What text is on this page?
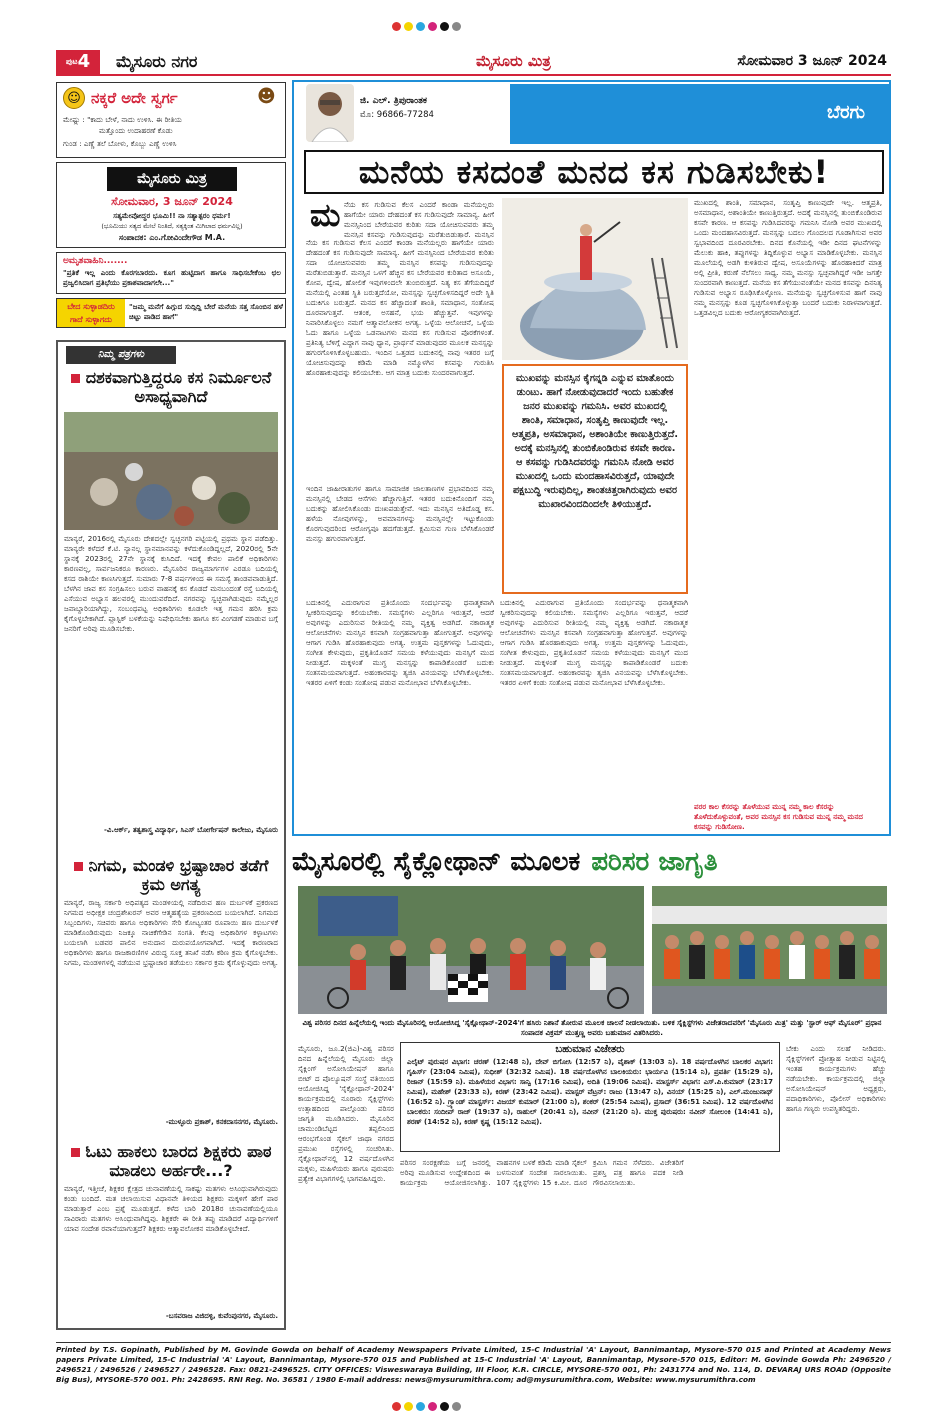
$^{ಪುಟ}$4	ಮೈಸೂರು ನಗರ	ಮೈಸೂರು ಮಿತ್ರ	ಸೋಮವಾರ 3 ಜೂನ್ 2024
☺ ನಕ್ಕರೆ ಅದೇ ಸ್ವರ್ಗ	☻
ಮೇಷ್ಟ್ರು : "ಕಾದು ಬೇಳೆ, ನಾದು ಉಳಿಸಿ. ಈ ರೀತಿಯ
ಮತ್ತೊಂದು ಉದಾಹರಣೆ ಕೊಡು
ಗುಂಡ : ಎಣ್ಣೆ ತಲೆ ಬೋಳು, ಕೊಬ್ಬು ಎಣ್ಣೆ ಉಳಿಸಿ
ಮೈಸೂರು ಮಿತ್ರ
ಸೋಮವಾರ, 3 ಜೂನ್ 2024
ಸತ್ಯಮೇವೋದ್ಧರ ಭೂಮಿ!! ನಾ ಸತ್ಯಾತ್ಪರಂ ಧರ್ಮ!
(ಭೂಮಿಯು ಸತ್ಯದ ಮೇಲೆ ನಿಂತಿದೆ, ಸತ್ಯಕ್ಕಿಂತ ಮಿಗಿಲಾದ ಧರ್ಮವಿಲ್ಲ)
ಸಂಪಾದಕ: ಎಂ.ಗೋವಿಂದೇಗೌಡ M.A.
ಅಮೃತವಾಹಿನಿ.......
"ಪ್ರತಿಕೆ ಇಲ್ಲ ಎಂದು ಕೊರಗಬಾರದು. ಕೂಗ ಹುಟ್ಟಿದಾಗ ಹಾಗೂ ಸಾಧಿಸಬೇಕೆಂಬ ಛಲ ಪ್ರಜ್ವಲಿಸಿದಾಗ ಪ್ರತಿಭೆಯು ಪ್ರಕಾಶವಾದಾಗಲೇ..."
ಬೇದ ಸುಳ್ಳಾಡದಿರು
ಗಾದೆ ಸುಳ್ಳಾಗದು
"ಜಮ್ಮ ಮನೆಗೆ ಹಿಗ್ಗುದ ಸುದ್ಗಿದ್ದಿ ಬೇರೆ ಮನೆಯ ಸತ್ತ ಸೊಂಬಿನ ಹಳೆ ಚಿಟ್ಟು ಪಾಡಿದ ಹಾಗೆ"
ನಿಮ್ಮ ಪತ್ರಗಳು
ದಶಕವಾಗುತ್ತಿದ್ದರೂ ಕಸ ನಿರ್ಮೂಲನೆ ಅಸಾಧ್ಯವಾಗಿದೆ
ಮಾನ್ಯರೆ, 2016ರಲ್ಲಿ ಮೈಸೂರು ದೇಶದಲ್ಲೇ ಸ್ವಚ್ಛನಗರಿ ಪಟ್ಟಿಯಲ್ಲಿ ಪ್ರಥಮ ಸ್ಥಾನ ಪಡೆದಿತ್ತು. ಮಾನ್ಯರೇ ಕಳೆದರೆ ಕೆ.ಟಿ. ನ್ಯಾನಲ್ಲ ಸ್ಥಾನಮಾನವನ್ನು ಕಳೆದುಕೊಂಡಿದ್ದಲ್ಲದೆ, 2020ರಲ್ಲಿ 5ನೇ ಸ್ಥಾನಕ್ಕೆ 2023ರಲ್ಲಿ 27ನೇ ಸ್ಥಾನಕ್ಕೆ ಕುಸಿದಿದೆ. ಇದಕ್ಕೆ ಕೇವಲ ಪಾಲಿಕೆ ಅಧಿಕಾರಿಗಳು ಕಾರಣವಲ್ಲ, ಸಾರ್ವಜನಿಕರೂ ಕಾರಣರು. ಮೈಸೂರಿನ ರಾಜ್ಯಮಾರ್ಗಗಳ ಎರಡೂ ಬದಿಯಲ್ಲಿ ಕಸದ ರಾಶಿಯೇ ಕಾಣಸಿಗುತ್ತದೆ. ಸುಮಾರು 7-8 ವರ್ಷಗಳಿಂದ ಈ ಸಮಸ್ಯೆ ತಾಂಡವವಾಡುತ್ತಿದೆ. ಬೆಳಗಿನ ಜಾವ ಕಸ ಸಂಗ್ರಹಿಸಲು ಬರುವ ವಾಹನಕ್ಕೆ ಕಸ ಕೊಡದೆ ಮನಬಂದಂತೆ ರಸ್ತೆ ಬದಿಯಲ್ಲಿ ಎಸೆಯುವ ಅಭ್ಯಾಸ ಹಲವರಲ್ಲಿ ಮುಂದುವರೆದಿದೆ. ನಗರವನ್ನು ಸ್ವಚ್ಛವಾಗಿಡುವುದು ನಮ್ಮೆಲ್ಲರ ಜವಾಬ್ದಾರಿಯಾಗಿದ್ದು, ಸಂಬಂಧಪಟ್ಟ ಅಧಿಕಾರಿಗಳು ಕೂಡಲೇ ಇತ್ತ ಗಮನ ಹರಿಸಿ ಕ್ರಮ ಕೈಗೊಳ್ಳಬೇಕಾಗಿದೆ. ಪ್ಲಾಸ್ಟಿಕ್ ಬಳಕೆಯನ್ನು ನಿಷೇಧಿಸಬೇಕು ಹಾಗೂ ಕಸ ವಿಂಗಡಣೆ ಮಾಡುವ ಬಗ್ಗೆ ಜನರಿಗೆ ಅರಿವು ಮೂಡಿಸಬೇಕು.
-ವಿ.ಆರ್ಕ್‌, ತತ್ವಶಾಸ್ತ್ರ ವಿದ್ಯಾರ್ಥಿ, ಸಿಎಸ್ ಬೋರ್ಗೇಷನ್ ಕಾಲೇಜು, ಮೈಸೂರು
ನಿಗಮ, ಮಂಡಳಿ ಭ್ರಷ್ಟಾಚಾರ ತಡೆಗೆ ಕ್ರಮ ಅಗತ್ಯ
ಮಾನ್ಯರೆ, ರಾಜ್ಯ ಸರ್ಕಾರಿ ಅಧಿಪತ್ಯದ ಮಂಡಳಿಯಲ್ಲಿ ನಡೆದಿರುವ ಹಣ ದುರ್ಬಳಕೆ ಪ್ರಕರಣದ ನಿಗಮದ ಅಧೀಕ್ಷಕ ಚಂದ್ರಶೇಖರನ್ ಅವರ ಆತ್ಮಹತ್ಯೆಯ ಪ್ರಕರಣದಿಂದ ಬಯಲಾಗಿದೆ. ನಿಗಮದ ಸಿಬ್ಬಂದಿಗಳು, ಸಚಿವರು ಹಾಗೂ ಅಧಿಕಾರಿಗಳು ಸೇರಿ ಕೋಟ್ಯಂತರ ರೂಪಾಯಿ ಹಣ ದುರ್ಬಳಕೆ ಮಾಡಿಕೊಂಡಿರುವುದು ನಿಜಕ್ಕೂ ನಾಚಿಕೆಗೇಡಿನ ಸಂಗತಿ. ಕೆಲವು ಅಧಿಕಾರಿಗಳ ಕಳ್ಳಾಟಗಳು ಬಯಲಾಗಿ ಬಡವರ ಪಾಲಿನ ಅನುದಾನ ದುರುಪಯೋಗವಾಗಿದೆ. ಇದಕ್ಕೆ ಕಾರಣರಾದ ಅಧಿಕಾರಿಗಳು ಹಾಗೂ ರಾಜಕಾರಣಿಗಳ ವಿರುದ್ಧ ಸೂಕ್ತ ತನಿಖೆ ನಡೆಸಿ ಕಠಿಣ ಕ್ರಮ ಕೈಗೊಳ್ಳಬೇಕು. ನಿಗಮ, ಮಂಡಳಿಗಳಲ್ಲಿ ನಡೆಯುವ ಭ್ರಷ್ಟಾಚಾರ ತಡೆಯಲು ಸರ್ಕಾರ ಕ್ರಮ ಕೈಗೊಳ್ಳುವುದು ಅಗತ್ಯ.
-ಮುಳ್ಳೂರು ಪ್ರಕಾಶ್, ಕನಕದಾಸನಗರ, ಮೈಸೂರು.
ಓಟು ಹಾಕಲು ಬಾರದ ಶಿಕ್ಷಕರು ಪಾಠ ಮಾಡಲು ಅರ್ಹರೇ...?
ಮಾನ್ಯರೆ, ಇತ್ತೀಚೆ, ಶಿಕ್ಷಕರ ಕ್ಷೇತ್ರದ ಚುನಾವಣೆಯಲ್ಲಿ ಸಾಕಷ್ಟು ಮತಗಳು ಅಸಿಂಧುವಾಗಿರುವುದು ಕಂಡು ಬಂದಿದೆ. ಮತ ಚಲಾಯಿಸುವ ವಿಧಾನವೇ ತಿಳಿಯದ ಶಿಕ್ಷಕರು ಮಕ್ಕಳಿಗೆ ಹೇಗೆ ಪಾಠ ಮಾಡುತ್ತಾರೆ ಎಂಬ ಪ್ರಶ್ನೆ ಮೂಡುತ್ತದೆ. ಕಳೆದ ಬಾರಿ 2018ರ ಚುನಾವಣೆಯಲ್ಲಿಯೂ ಸಾವಿರಾರು ಮತಗಳು ಅಸಿಂಧುವಾಗಿದ್ದವು. ಶಿಕ್ಷಕರೇ ಈ ರೀತಿ ತಪ್ಪು ಮಾಡಿದರೆ ವಿದ್ಯಾರ್ಥಿಗಳಿಗೆ ಯಾವ ಸಂದೇಶ ರವಾನೆಯಾಗುತ್ತದೆ? ಶಿಕ್ಷಕರು ಆತ್ಮಾವಲೋಕನ ಮಾಡಿಕೊಳ್ಳಬೇಕಿದೆ.
-ಬಸವರಾಜ ವಿಜಿದಳ್ಳಿ, ಕುವೆಂಪುನಗರ, ಮೈಸೂರು.
ಜಿ. ಎಲ್. ತ್ರಿಪುರಾಂತಕ
ಮೊ: 96866-77284	ಬೆರಗು
ಮನೆಯ ಕಸದಂತೆ ಮನದ ಕಸ ಗುಡಿಸಬೇಕು!
ಮ ನೆಯ ಕಸ ಗುಡಿಸುವ ಕೆಲಸ ಎಂದರೆ ಕಾಂಡಾ ಮನೆಯಲ್ಲರು ಹಾಗೆಯೇ ಯಾರು ದೇಹದಂತೆ ಕಸ ಗುಡಿಸುವುದೇ ಸಾಮಾನ್ಯ. ಹೀಗೆ ಮನಸ್ಸಿನಿಂದ ಬೇರೆಯವರ ಕುರಿತು ಸದಾ ಯೋಚಿಸುವವರು ತಮ್ಮ ಮನಸ್ಸಿನ ಕಸವನ್ನು ಗುಡಿಸುವುದನ್ನು ಮರೆತುಬಿಡುತ್ತಾರೆ. ಮನಸ್ಸಿನ
ನೆಯ ಕಸ ಗುಡಿಸುವ ಕೆಲಸ ಎಂದರೆ ಕಾಂಡಾ ಮನೆಯಲ್ಲರು ಹಾಗೆಯೇ ಯಾರು ದೇಹದಂತೆ ಕಸ ಗುಡಿಸುವುದೇ ಸಾಮಾನ್ಯ. ಹೀಗೆ ಮನಸ್ಸಿನಿಂದ ಬೇರೆಯವರ ಕುರಿತು ಸದಾ ಯೋಚಿಸುವವರು ತಮ್ಮ ಮನಸ್ಸಿನ ಕಸವನ್ನು ಗುಡಿಸುವುದನ್ನು ಮರೆತುಬಿಡುತ್ತಾರೆ. ಮನಸ್ಸಿನ ಒಳಗೆ ಹೆಚ್ಚಿನ ಕಸ ಬೇರೆಯವರ ಕುರಿತಾದ ಅಸೂಯೆ, ಕೋಪ, ದ್ವೇಷ, ಹೋಲಿಕೆ ಇವುಗಳಿಂದಲೇ ತುಂಬಿರುತ್ತದೆ. ನಿತ್ಯ ಕಸ ತೆಗೆಯದಿದ್ದರೆ ಮನೆಯಲ್ಲಿ ಎಂತಹ ಸ್ಥಿತಿ ಬರುತ್ತದೆಯೋ, ಮನಸ್ಸನ್ನು ಸ್ವಚ್ಛಗೊಳಿಸದಿದ್ದರೆ ಅದೇ ಸ್ಥಿತಿ ಬದುಕಿಗೂ ಬರುತ್ತದೆ. ಮನದ ಕಸ ಹೆಚ್ಚಾದಂತೆ ಶಾಂತಿ, ಸಮಾಧಾನ, ಸಂತೋಷ ದೂರವಾಗುತ್ತವೆ. ಆತಂಕ, ಅಸಹನೆ, ಭಯ ಹೆಚ್ಚುತ್ತವೆ. ಇವುಗಳನ್ನು ನಿವಾರಿಸಿಕೊಳ್ಳಲು ನಮಗೆ ಆತ್ಮಾವಲೋಕನ ಅಗತ್ಯ. ಒಳ್ಳೆಯ ಆಲೋಚನೆ, ಒಳ್ಳೆಯ ಓದು ಹಾಗೂ ಒಳ್ಳೆಯ ಒಡನಾಟಗಳು ಮನದ ಕಸ ಗುಡಿಸುವ ಪೊರಕೆಗಳಂತೆ. ಪ್ರತಿನಿತ್ಯ ಬೆಳಿಗ್ಗೆ ಎದ್ದಾಗ ನಾವು ಧ್ಯಾನ, ಪ್ರಾರ್ಥನೆ ಮಾಡುವುದರ ಮೂಲಕ ಮನಸ್ಸನ್ನು ಹಗುರಗೊಳಿಸಿಕೊಳ್ಳಬಹುದು. ಇಂದಿನ ಒತ್ತಡದ ಬದುಕಿನಲ್ಲಿ ನಾವು ಇತರರ ಬಗ್ಗೆ ಯೋಚಿಸುವುದನ್ನು ಕಡಿಮೆ ಮಾಡಿ ನಮ್ಮೊಳಗಿನ ಕಸವನ್ನು ಗುರುತಿಸಿ ಹೊರಹಾಕುವುದನ್ನು ಕಲಿಯಬೇಕು. ಆಗ ಮಾತ್ರ ಬದುಕು ಸುಂದರವಾಗುತ್ತದೆ.
ಇಂದಿನ ಜಾಹೀರಾತುಗಳ ಹಾಗೂ ಸಾಮಾಜಿಕ ಜಾಲತಾಣಗಳ ಪ್ರಭಾವದಿಂದ ನಮ್ಮ ಮನಸ್ಸಿನಲ್ಲಿ ಬೇಡದ ಆಸೆಗಳು ಹೆಚ್ಚಾಗುತ್ತಿವೆ. ಇತರರ ಬದುಕಿನೊಂದಿಗೆ ನಮ್ಮ ಬದುಕನ್ನು ಹೋಲಿಸಿಕೊಂಡು ದುಃಖಪಡುತ್ತೇವೆ. ಇದು ಮನಸ್ಸಿನ ಅತಿದೊಡ್ಡ ಕಸ. ಹಳೆಯ ನೋವುಗಳನ್ನು, ಅವಮಾನಗಳನ್ನು ಮನಸ್ಸಿನಲ್ಲೇ ಇಟ್ಟುಕೊಂಡು ಕೊರಗುವುದರಿಂದ ಆರೋಗ್ಯವೂ ಹದಗೆಡುತ್ತದೆ. ಕ್ಷಮಿಸುವ ಗುಣ ಬೆಳೆಸಿಕೊಂಡರೆ ಮನಸ್ಸು ಹಗುರವಾಗುತ್ತದೆ.
ಮುಖವನ್ನು ಮನಸ್ಸಿನ ಕೈಗನ್ನಡಿ ಎನ್ನುವ ಮಾತೊಂದು ಡುಂಟು. ಹಾಗೆ ನೋಡುವುದಾದರೆ ಇಂದು ಬಹುತೇಕ ಜನರ ಮುಖವನ್ನು ಗಮನಿಸಿ. ಅವರ ಮುಖದಲ್ಲಿ ಶಾಂತಿ, ಸಮಾಧಾನ, ಸಂತೃಪ್ತಿ ಕಾಣುವುದೇ ಇಲ್ಲ. ಆತ್ಮಪ್ರತಿ, ಅಸಮಾಧಾನ, ಅಶಾಂತಿಯೇ ಕಾಣುತ್ತಿರುತ್ತದೆ. ಅದಕ್ಕೆ ಮನಸ್ಸಿನಲ್ಲಿ ತುಂಬಿಕೊಂಡಿರುವ ಕಸವೇ ಕಾರಣ. ಆ ಕಸವನ್ನು ಗುಡಿಸಿದವರನ್ನು ಗಮನಿಸಿ ನೋಡಿ ಅವರ ಮುಖದಲ್ಲಿ ಒಂದು ಮಂದಹಾಸವಿರುತ್ತದೆ, ಯಾವುದೇ ಪಕ್ಷಬುದ್ಧಿ ಇರುವುದಿಲ್ಲ, ಶಾಂತಚಿತ್ತರಾಗಿರುವುದು ಅವರ ಮುಖಾರವಿಂದದಿಂದಲೇ ತಿಳಿಯುತ್ತದೆ.
ಮುಖದಲ್ಲಿ ಶಾಂತಿ, ಸಮಾಧಾನ, ಸಂತೃಪ್ತಿ ಕಾಣುವುದೇ ಇಲ್ಲ. ಆತ್ಮಪ್ರತಿ, ಅಸಮಾಧಾನ, ಅಶಾಂತಿಯೇ ಕಾಣುತ್ತಿರುತ್ತದೆ. ಅದಕ್ಕೆ ಮನಸ್ಸಿನಲ್ಲಿ ತುಂಬಿಕೊಂಡಿರುವ ಕಸವೇ ಕಾರಣ. ಆ ಕಸವನ್ನು ಗುಡಿಸಿದವರನ್ನು ಗಮನಿಸಿ ನೋಡಿ ಅವರ ಮುಖದಲ್ಲಿ ಒಂದು ಮಂದಹಾಸವಿರುತ್ತದೆ. ಮನಸ್ಸನ್ನು ಬದಲು ಗೊಂದಲದ ಗೂಡಾಗಿಸುವ ಅವರ ಸ್ವಭಾವದಿಂದ ದೂರವಿರಬೇಕು. ದಿನದ ಕೊನೆಯಲ್ಲಿ ಇಡೀ ದಿನದ ಘಟನೆಗಳನ್ನು ಮೆಲುಕು ಹಾಕಿ, ತಪ್ಪುಗಳನ್ನು ತಿದ್ದಿಕೊಳ್ಳುವ ಅಭ್ಯಾಸ ಮಾಡಿಕೊಳ್ಳಬೇಕು. ಮನಸ್ಸಿನ ಮೂಲೆಯಲ್ಲಿ ಅಡಗಿ ಕುಳಿತಿರುವ ದ್ವೇಷ, ಅಸೂಯೆಗಳನ್ನು ಹೊರಹಾಕಿದರೆ ಮಾತ್ರ ಅಲ್ಲಿ ಪ್ರೀತಿ, ಕರುಣೆ ನೆಲೆಸಲು ಸಾಧ್ಯ. ನಮ್ಮ ಮನಸ್ಸು ಸ್ವಚ್ಛವಾಗಿದ್ದರೆ ಇಡೀ ಜಗತ್ತೇ ಸುಂದರವಾಗಿ ಕಾಣುತ್ತದೆ. ಮನೆಯ ಕಸ ತೆಗೆಯುವಂತೆಯೇ ಮನದ ಕಸವನ್ನು ದಿನನಿತ್ಯ ಗುಡಿಸುವ ಅಭ್ಯಾಸ ರೂಢಿಸಿಕೊಳ್ಳೋಣ. ಮನೆಯನ್ನು ಸ್ವಚ್ಛಗೊಳಿಸುವ ಹಾಗೆ ನಾವು ನಮ್ಮ ಮನಸ್ಸನ್ನು ಕೂಡ ಸ್ವಚ್ಛಗೊಳಿಸಿಕೊಳ್ಳುತ್ತಾ ಬಂದರೆ ಬದುಕು ನಿರಾಳವಾಗುತ್ತದೆ. ಒತ್ತಡವಿಲ್ಲದ ಬದುಕು ಆರೋಗ್ಯಕರವಾಗಿರುತ್ತದೆ.
ಬದುಕಿನಲ್ಲಿ ಎದುರಾಗುವ ಪ್ರತಿಯೊಂದು ಸಂದರ್ಭವನ್ನು ಧನಾತ್ಮಕವಾಗಿ ಸ್ವೀಕರಿಸುವುದನ್ನು ಕಲಿಯಬೇಕು. ಸಮಸ್ಯೆಗಳು ಎಲ್ಲರಿಗೂ ಇರುತ್ತವೆ, ಆದರೆ ಅವುಗಳನ್ನು ಎದುರಿಸುವ ರೀತಿಯಲ್ಲಿ ನಮ್ಮ ವ್ಯಕ್ತಿತ್ವ ಅಡಗಿದೆ. ನಕಾರಾತ್ಮಕ ಆಲೋಚನೆಗಳು ಮನಸ್ಸಿನ ಕಸವಾಗಿ ಸಂಗ್ರಹವಾಗುತ್ತಾ ಹೋಗುತ್ತವೆ. ಅವುಗಳನ್ನು ಆಗಾಗ ಗುಡಿಸಿ ಹೊರಹಾಕುವುದು ಅಗತ್ಯ. ಉತ್ತಮ ಪುಸ್ತಕಗಳನ್ನು ಓದುವುದು, ಸಂಗೀತ ಕೇಳುವುದು, ಪ್ರಕೃತಿಯೊಡನೆ ಸಮಯ ಕಳೆಯುವುದು ಮನಸ್ಸಿಗೆ ಮುದ ನೀಡುತ್ತದೆ. ಮಕ್ಕಳಂತೆ ಮುಗ್ಧ ಮನಸ್ಸನ್ನು ಕಾಪಾಡಿಕೊಂಡರೆ ಬದುಕು ಸಂತಸಮಯವಾಗುತ್ತದೆ. ಅಹಂಕಾರವನ್ನು ತ್ಯಜಿಸಿ ವಿನಯವನ್ನು ಬೆಳೆಸಿಕೊಳ್ಳಬೇಕು. ಇತರರ ಏಳಿಗೆ ಕಂಡು ಸಂತೋಷ ಪಡುವ ಮನೋಭಾವ ಬೆಳೆಸಿಕೊಳ್ಳಬೇಕು.
ಬದುಕಿನಲ್ಲಿ ಎದುರಾಗುವ ಪ್ರತಿಯೊಂದು ಸಂದರ್ಭವನ್ನು ಧನಾತ್ಮಕವಾಗಿ ಸ್ವೀಕರಿಸುವುದನ್ನು ಕಲಿಯಬೇಕು. ಸಮಸ್ಯೆಗಳು ಎಲ್ಲರಿಗೂ ಇರುತ್ತವೆ, ಆದರೆ ಅವುಗಳನ್ನು ಎದುರಿಸುವ ರೀತಿಯಲ್ಲಿ ನಮ್ಮ ವ್ಯಕ್ತಿತ್ವ ಅಡಗಿದೆ. ನಕಾರಾತ್ಮಕ ಆಲೋಚನೆಗಳು ಮನಸ್ಸಿನ ಕಸವಾಗಿ ಸಂಗ್ರಹವಾಗುತ್ತಾ ಹೋಗುತ್ತವೆ. ಅವುಗಳನ್ನು ಆಗಾಗ ಗುಡಿಸಿ ಹೊರಹಾಕುವುದು ಅಗತ್ಯ. ಉತ್ತಮ ಪುಸ್ತಕಗಳನ್ನು ಓದುವುದು, ಸಂಗೀತ ಕೇಳುವುದು, ಪ್ರಕೃತಿಯೊಡನೆ ಸಮಯ ಕಳೆಯುವುದು ಮನಸ್ಸಿಗೆ ಮುದ ನೀಡುತ್ತದೆ. ಮಕ್ಕಳಂತೆ ಮುಗ್ಧ ಮನಸ್ಸನ್ನು ಕಾಪಾಡಿಕೊಂಡರೆ ಬದುಕು ಸಂತಸಮಯವಾಗುತ್ತದೆ. ಅಹಂಕಾರವನ್ನು ತ್ಯಜಿಸಿ ವಿನಯವನ್ನು ಬೆಳೆಸಿಕೊಳ್ಳಬೇಕು. ಇತರರ ಏಳಿಗೆ ಕಂಡು ಸಂತೋಷ ಪಡುವ ಮನೋಭಾವ ಬೆಳೆಸಿಕೊಳ್ಳಬೇಕು.
ಪರರ ಕಾಲ ಕೆಸರನ್ನು ತೊಳೆಯುವ ಮುನ್ನ ನಮ್ಮ ಕಾಲ ಕೆಸರನ್ನು ತೊಳೆದುಕೊಳ್ಳುವಂತೆ, ಅವರ ಮನಸ್ಸಿನ ಕಸ ಗುಡಿಸುವ ಮುನ್ನ ನಮ್ಮ ಮನದ ಕಸವನ್ನು ಗುಡಿಸೋಣ.
ಮೈಸೂರಲ್ಲಿ ಸೈಕ್ಲೋಥಾನ್ ಮೂಲಕ ಪರಿಸರ ಜಾಗೃತಿ
ವಿಶ್ವ ಪರಿಸರ ದಿನದ ಹಿನ್ನೆಲೆಯಲ್ಲಿ ಇಂದು ಮೈಸೂರಿನಲ್ಲಿ ಆಯೋಜಿಸಿದ್ದ 'ಸೈಕ್ಲೋಥಾನ್-2024'ಗೆ ಹಸಿರು ನಿಶಾನೆ ತೋರುವ ಮೂಲಕ ಚಾಲನೆ ನೀಡಲಾಯಿತು. ಬಳಿಕ ಸೈಕ್ಲಿಸ್ಟ್‌ಗಳು ವಿಜೇತರಾದವರಿಗೆ 'ಮೈಸೂರು ಮಿತ್ರ' ಮತ್ತು 'ಸ್ಟಾರ್ ಆಫ್ ಮೈಸೂರ್' ಪ್ರಧಾನ ಸಂಪಾದಕ ವಿಕ್ರಮ್ ಮುತ್ತಣ್ಣ ಅವರು ಬಹುಮಾನ ವಿತರಿಸಿದರು.
ಮೈಸೂರು, ಜೂ.2(ಜಿಎ)-ವಿಶ್ವ ಪರಿಸರ ದಿನದ ಹಿನ್ನೆಲೆಯಲ್ಲಿ ಮೈಸೂರು ಜಿಲ್ಲಾ ಸೈಕ್ಲಿಂಗ್ ಅಸೋಸಿಯೇಷನ್ ಹಾಗೂ ಬೀಟ್ ದ ಪೊಲ್ಯೂಷನ್ ಸಂಸ್ಥೆ ವತಿಯಿಂದ ಆಯೋಜಿಸಿದ್ದ 'ಸೈಕ್ಲೋಥಾನ್-2024' ಕಾರ್ಯಕ್ರಮದಲ್ಲಿ ನೂರಾರು ಸೈಕ್ಲಿಸ್ಟ್‌ಗಳು ಉತ್ಸಾಹದಿಂದ ಪಾಲ್ಗೊಂಡು ಪರಿಸರ ಜಾಗೃತಿ ಮೂಡಿಸಿದರು. ಮೈಸೂರಿನ ಚಾಮುಂಡಿಬೆಟ್ಟದ ತಪ್ಪಲಿನಿಂದ ಆರಂಭಗೊಂಡ ಸೈಕಲ್ ಜಾಥಾ ನಗರದ ಪ್ರಮುಖ ರಸ್ತೆಗಳಲ್ಲಿ ಸಂಚರಿಸಿತು. ಸೈಕ್ಲೋಥಾನ್‌ನಲ್ಲಿ 12 ವರ್ಷದೊಳಗಿನ ಮಕ್ಕಳು, ಮಹಿಳೆಯರು ಹಾಗೂ ಪುರುಷರು ಪ್ರತ್ಯೇಕ ವಿಭಾಗಗಳಲ್ಲಿ ಭಾಗವಹಿಸಿದ್ದರು.
ಬಹುಮಾನ ವಿಜೇತರು
ಎಲೈಟ್ ಪುರುಷರ ವಿಭಾಗ: ಚರಣ್ (12:48 ನಿ), ದೇವ್ ಬಿಗೋಸಿ (12:57 ನಿ), ವೈಶಾಕ್ (13:03 ನಿ). 18 ವರ್ಷದೊಳಗಿನ ಬಾಲಕರ ವಿಭಾಗ: ಗೃಹಿರ್ಸ್ (23:04 ನಿಮಿಷ), ಸುಧೀಶ್ (32:32 ನಿಮಿಷ). 18 ವರ್ಷದೊಳಗಿನ ಬಾಲಕಿಯರು: ಭಾರ್ಯವಿ (15:14 ನಿ), ಪ್ರವರ್ತಿ (15:29 ನಿ), ರಿಜಾನ್ (15:59 ನಿ). ಮಹಿಳೆಯರ ವಿಭಾಗ: ಸಾನ್ವಿ (17:16 ನಿಮಿಷ), ಅದಿತಿ (19:06 ನಿಮಿಷ). ಮಾಸ್ಟರ್ಸ್ ವಿಭಾಗ: ಎಸ್.ಪಿ.ಕುಮಾರ್ (23:17 ನಿಮಿಷ), ಮಹೇಶ್ (23:33 ನಿ), ಕಿರಣ್ (23:42 ನಿಮಿಷ). ಮಾಸ್ಟರ್ ವೆಟ್ರನ್: ರಾಜು (13:47 ನಿ), ವಿನಯ್ (15:25 ನಿ), ಎಲ್.ಮಂಜುನಾಥ್ (16:52 ನಿ). ಗ್ರ್ಯಾಂಡ್ ಮಾಸ್ಟರ್ಸ್: ವಿಜಯ್ ಕುಮಾರ್ (21:00 ನಿ), ಶಂಕರ್ (25:54 ನಿಮಿಷ), ಪ್ರಸಾದ್ (36:51 ನಿಮಿಷ). 12 ವರ್ಷದೊಳಗಿನ ಬಾಲಕರು: ಸಂದೀಪ್ ರಾಜ್ (19:37 ನಿ), ರಾಹುಲ್ (20:41 ನಿ), ನವೀನ್ (21:20 ನಿ). ಮುಕ್ತ ಪುರುಷರು: ನವೀನ್ ಸೋಲಂಕಿ (14:41 ನಿ), ಶರಣ್ (14:52 ನಿ), ಕಿರಣ್ ಕೃಷ್ಣ (15:12 ನಿಮಿಷ).
ಪರಿಸರ ಸಂರಕ್ಷಣೆಯ ಬಗ್ಗೆ ಜನರಲ್ಲಿ ಅರಿವು ಮೂಡಿಸುವ ಉದ್ದೇಶದಿಂದ ಈ ಕಾರ್ಯಕ್ರಮ ಆಯೋಜಿಸಲಾಗಿತ್ತು. ವಾಹನಗಳ ಬಳಕೆ ಕಡಿಮೆ ಮಾಡಿ ಸೈಕಲ್ ಬಳಸುವಂತೆ ಸಂದೇಶ ಸಾರಲಾಯಿತು. 107 ಸೈಕ್ಲಿಸ್ಟ್‌ಗಳು 15 ಕಿ.ಮೀ. ದೂರ ಕ್ರಮಿಸಿ ಗಮನ ಸೆಳೆದರು. ವಿಜೇತರಿಗೆ ಪ್ರಶಸ್ತಿ ಪತ್ರ ಹಾಗೂ ಪದಕ ನೀಡಿ ಗೌರವಿಸಲಾಯಿತು.
ಬೇಕು ಎಂದು ಸಲಹೆ ನೀಡಿದರು. ಸೈಕ್ಲಿಸ್ಟ್‌ಗಳಿಗೆ ಪ್ರೋತ್ಸಾಹ ನೀಡುವ ನಿಟ್ಟಿನಲ್ಲಿ ಇಂತಹ ಕಾರ್ಯಕ್ರಮಗಳು ಹೆಚ್ಚು ನಡೆಯಬೇಕು. ಕಾರ್ಯಕ್ರಮದಲ್ಲಿ ಜಿಲ್ಲಾ ಅಸೋಸಿಯೇಷನ್ ಅಧ್ಯಕ್ಷರು, ಪದಾಧಿಕಾರಿಗಳು, ಪೊಲೀಸ್ ಅಧಿಕಾರಿಗಳು ಹಾಗೂ ಗಣ್ಯರು ಉಪಸ್ಥಿತರಿದ್ದರು.
Printed by T.S. Gopinath, Published by M. Govinde Gowda on behalf of Academy Newspapers Private Limited, 15-C Industrial 'A' Layout, Bannimantap, Mysore-570 015 and Printed at Academy News papers Private Limited, 15-C Industrial 'A' Layout, Bannimantap, Mysore-570 015 and Published at 15-C Industrial 'A' Layout, Bannimantap, Mysore-570 015, Editor: M. Govinde Gowda Ph: 2496520 / 2496521 / 2496526 / 2496527 / 2496528. Fax: 0821-2496525. CITY OFFICES: Visweswaraya Building, III Floor, K.R. CIRCLE, MYSORE-570 001, Ph: 2431774 and No. 114, D. DEVARAJ URS ROAD (Opposite Big Bus), MYSORE-570 001. Ph: 2428695. RNI Reg. No. 36581 / 1980 E-mail address: news@mysurumithra.com; ad@mysurumithra.com, Website: www.mysurumithra.com
